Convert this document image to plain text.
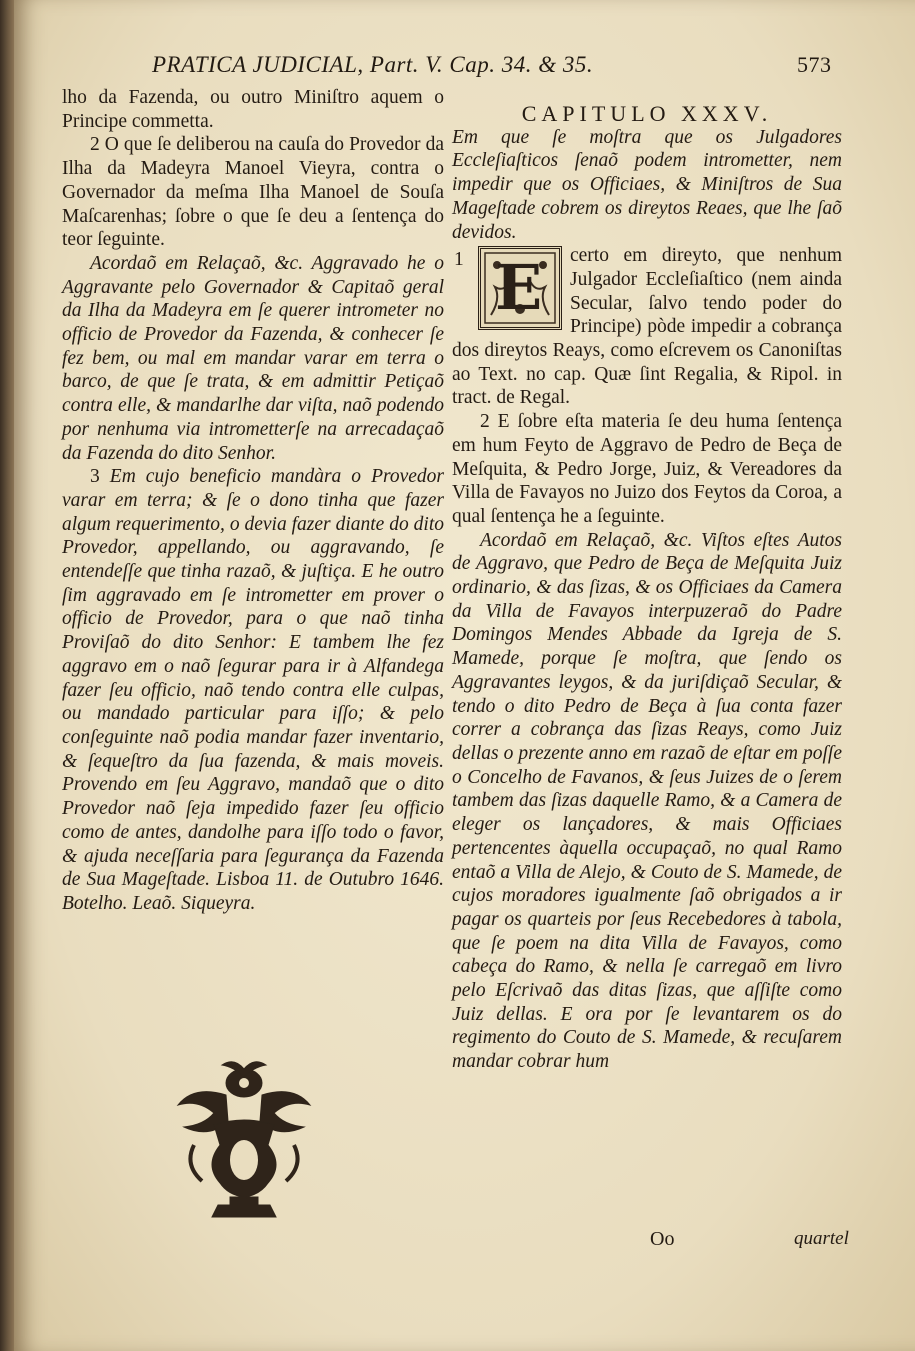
PRATICA JUDICIAL, Part. V. Cap. 34. & 35.	573

lho da Fazenda, ou outro Miniſtro aquem o Principe commetta.

2 O que ſe deliberou na cauſa do Provedor da Ilha da Madeyra Manoel Vieyra, contra o Governador da meſma Ilha Manoel de Souſa Maſcarenhas; ſobre o que ſe deu a ſentença do teor ſeguinte.

Acordaõ em Relaçaõ, &c. Aggravado he o Aggravante pelo Governador & Capitaõ geral da Ilha da Madeyra em ſe querer intrometer no officio de Provedor da Fazenda, & conhecer ſe fez bem, ou mal em mandar varar em terra o barco, de que ſe trata, & em admittir Petiçaõ contra elle, & mandarlhe dar viſta, naõ podendo por nenhuma via intrometterſe na arrecadaçaõ da Fazenda do dito Senhor.

3 Em cujo beneficio mandàra o Provedor varar em terra; & ſe o dono tinha que fazer algum requerimento, o devia fazer diante do dito Provedor, appellando, ou aggravando, ſe entendeſſe que tinha razaõ, & juſtiça. E he outro ſim aggravado em ſe intrometter em prover o officio de Provedor, para o que naõ tinha Proviſaõ do dito Senhor: E tambem lhe fez aggravo em o naõ ſegurar para ir à Alfandega fazer ſeu officio, naõ tendo contra elle culpas, ou mandado particular para iſſo; & pelo conſeguinte naõ podia mandar fazer inventario, & ſequeſtro da ſua fazenda, & mais moveis. Provendo em ſeu Aggravo, mandaõ que o dito Provedor naõ ſeja impedido fazer ſeu officio como de antes, dandolhe para iſſo todo o favor, & ajuda neceſſaria para ſegurança da Fazenda de Sua Mageſtade. Lisboa 11. de Outubro 1646. Botelho. Leaõ. Siqueyra.

CAPITULO XXXV.

Em que ſe moſtra que os Julgadores Eccleſiaſticos ſenaõ podem intrometter, nem impedir que os Officiaes, & Miniſtros de Sua Mageſtade cobrem os direytos Reaes, que lhe ſaõ devidos.

1 E certo em direyto, que nenhum Julgador Eccleſiaſtico (nem ainda Secular, ſalvo tendo poder do Principe) pòde impedir a cobrança dos direytos Reays, como eſcrevem os Canoniſtas ao Text. no cap. Quæ ſint Regalia, & Ripol. in tract. de Regal.

2 E ſobre eſta materia ſe deu huma ſentença em hum Feyto de Aggravo de Pedro de Beça de Meſquita, & Pedro Jorge, Juiz, & Vereadores da Villa de Favayos no Juizo dos Feytos da Coroa, a qual ſentença he a ſeguinte.

Acordaõ em Relaçaõ, &c. Viſtos eſtes Autos de Aggravo, que Pedro de Beça de Meſquita Juiz ordinario, & das ſizas, & os Officiaes da Camera da Villa de Favayos interpuzeraõ do Padre Domingos Mendes Abbade da Igreja de S. Mamede, porque ſe moſtra, que ſendo os Aggravantes leygos, & da juriſdiçaõ Secular, & tendo o dito Pedro de Beça à ſua conta fazer correr a cobrança das ſizas Reays, como Juiz dellas o prezente anno em razaõ de eſtar em poſſe o Concelho de Favanos, & ſeus Juizes de o ſerem tambem das ſizas daquelle Ramo, & a Camera de eleger os lançadores, & mais Officiaes pertencentes àquella occupaçaõ, no qual Ramo entaõ a Villa de Alejo, & Couto de S. Mamede, de cujos moradores igualmente ſaõ obrigados a ir pagar os quarteis por ſeus Recebedores à tabola, que ſe poem na dita Villa de Favayos, como cabeça do Ramo, & nella ſe carregaõ em livro pelo Eſcrivaõ das ditas ſizas, que aſſiſte como Juiz dellas. E ora por ſe levantarem os do regimento do Couto de S. Mamede, & recuſarem mandar cobrar hum

Oo	quartel
